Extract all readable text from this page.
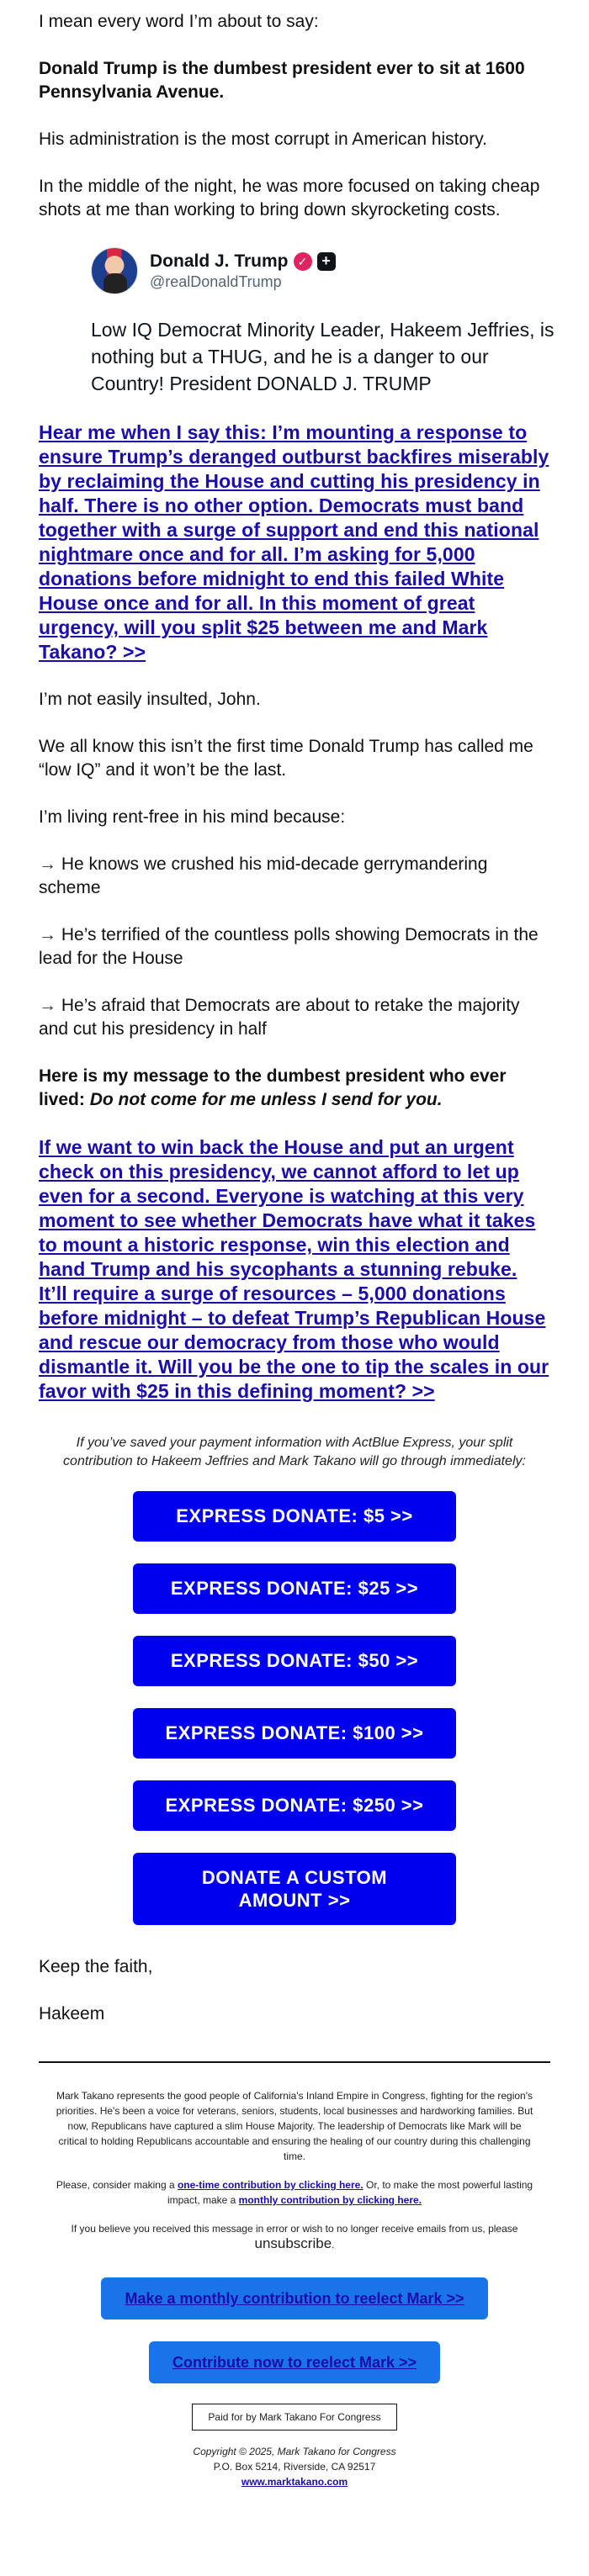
I mean every word I’m about to say:

Donald Trump is the dumbest president ever to sit at 1600 Pennsylvania Avenue.

His administration is the most corrupt in American history.

In the middle of the night, he was more focused on taking cheap shots at me than working to bring down skyrocketing costs.

Donald J. Trump ✓ +
@realDonaldTrump

Low IQ Democrat Minority Leader, Hakeem Jeffries, is nothing but a THUG, and he is a danger to our Country! President DONALD J. TRUMP

Hear me when I say this: I’m mounting a response to ensure Trump’s deranged outburst backfires miserably by reclaiming the House and cutting his presidency in half. There is no other option. Democrats must band together with a surge of support and end this national nightmare once and for all. I’m asking for 5,000 donations before midnight to end this failed White House once and for all. In this moment of great urgency, will you split $25 between me and Mark Takano? >>

I’m not easily insulted, John.

We all know this isn’t the first time Donald Trump has called me “low IQ” and it won’t be the last.

I’m living rent-free in his mind because:

→ He knows we crushed his mid-decade gerrymandering scheme

→ He’s terrified of the countless polls showing Democrats in the lead for the House

→ He’s afraid that Democrats are about to retake the majority and cut his presidency in half

Here is my message to the dumbest president who ever lived: Do not come for me unless I send for you.

If we want to win back the House and put an urgent check on this presidency, we cannot afford to let up even for a second. Everyone is watching at this very moment to see whether Democrats have what it takes to mount a historic response, win this election and hand Trump and his sycophants a stunning rebuke. It’ll require a surge of resources – 5,000 donations before midnight – to defeat Trump’s Republican House and rescue our democracy from those who would dismantle it. Will you be the one to tip the scales in our favor with $25 in this defining moment? >>

If you’ve saved your payment information with ActBlue Express, your split contribution to Hakeem Jeffries and Mark Takano will go through immediately:

EXPRESS DONATE: $5 >>
EXPRESS DONATE: $25 >>
EXPRESS DONATE: $50 >>
EXPRESS DONATE: $100 >>
EXPRESS DONATE: $250 >>
DONATE A CUSTOM AMOUNT >>

Keep the faith,

Hakeem

Mark Takano represents the good people of California's Inland Empire in Congress, fighting for the region's priorities. He's been a voice for veterans, seniors, students, local businesses and hardworking families. But now, Republicans have captured a slim House Majority. The leadership of Democrats like Mark will be critical to holding Republicans accountable and ensuring the healing of our country during this challenging time.

Please, consider making a one-time contribution by clicking here. Or, to make the most powerful lasting impact, make a monthly contribution by clicking here.

If you believe you received this message in error or wish to no longer receive emails from us, please unsubscribe.

Make a monthly contribution to reelect Mark >>
Contribute now to reelect Mark >>
Paid for by Mark Takano For Congress

Copyright © 2025, Mark Takano for Congress

P.O. Box 5214, Riverside, CA 92517

www.marktakano.com
